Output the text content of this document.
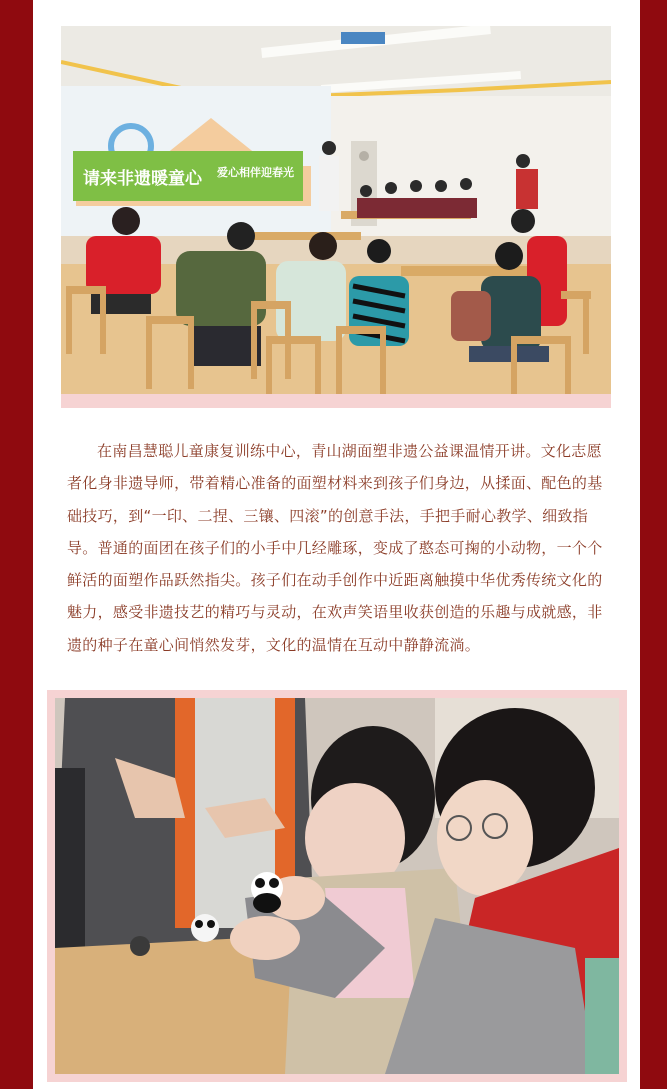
请来非遗暖童心 爱心相伴迎春光
在南昌慧聪儿童康复训练中心，青山湖面塑非遗公益课温情开讲。文化志愿者化身非遗导师，带着精心准备的面塑材料来到孩子们身边，从揉面、配色的基础技巧，到“一印、二捏、三镶、四滚”的创意手法，手把手耐心教学、细致指导。普通的面团在孩子们的小手中几经雕琢，变成了憨态可掬的小动物，一个个鲜活的面塑作品跃然指尖。孩子们在动手创作中近距离触摸中华优秀传统文化的魅力，感受非遗技艺的精巧与灵动，在欢声笑语里收获创造的乐趣与成就感，非遗的种子在童心间悄然发芽，文化的温情在互动中静静流淌。
